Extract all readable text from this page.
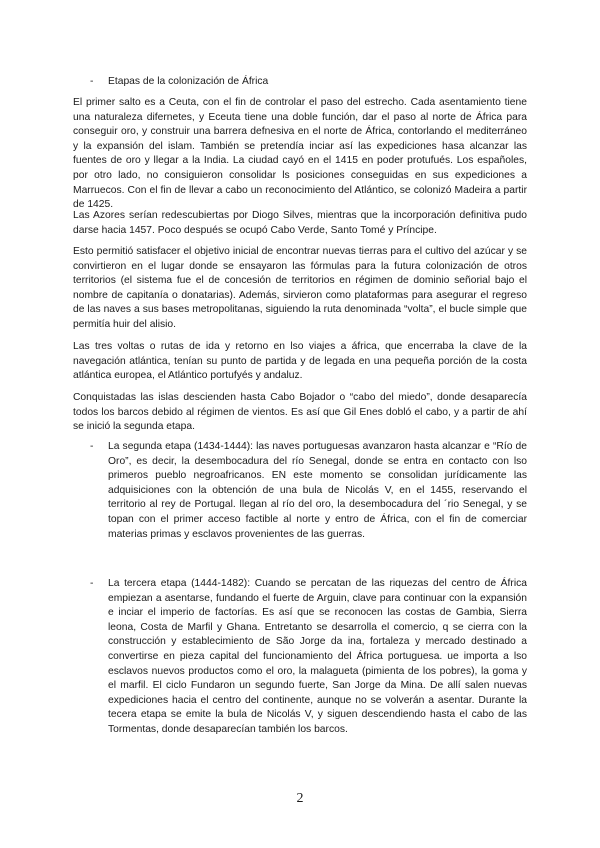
- Etapas de la colonización de África

El primer salto es a Ceuta, con el fin de controlar el paso del estrecho. Cada asentamiento tiene una naturaleza difernetes, y Eceuta tiene una doble función, dar el paso al norte de África para conseguir oro, y construir una barrera defnesiva en el norte de África, contorlando el mediterráneo y la expansión del islam. También se pretendía inciar así las expediciones hasa alcanzar las fuentes de oro y llegar a la India. La ciudad cayó en el 1415 en poder protufués. Los españoles, por otro lado, no consiguieron consolidar ls posiciones conseguidas en sus expediciones a Marruecos. Con el fin de llevar a cabo un reconocimiento del Atlántico, se colonizó Madeira a partir de 1425.

Las Azores serían redescubiertas por Diogo Silves, mientras que la incorporación definitiva pudo darse hacia 1457. Poco después se ocupó Cabo Verde, Santo Tomé y Príncipe.

Esto permitió satisfacer el objetivo inicial de encontrar nuevas tierras para el cultivo del azúcar y se convirtieron en el lugar donde se ensayaron las fórmulas para la futura colonización de otros territorios (el sistema fue el de concesión de territorios en régimen de dominio señorial bajo el nombre de capitanía o donatarias). Además, sirvieron como plataformas para asegurar el regreso de las naves a sus bases metropolitanas, siguiendo la ruta denominada “volta”, el bucle simple que permitía huir del alisio.

Las tres voltas o rutas de ida y retorno en lso viajes a áfrica, que encerraba la clave de la navegación atlántica, tenían su punto de partida y de legada en una pequeña porción de la costa atlántica europea, el Atlántico portufyés y andaluz.

Conquistadas las islas descienden hasta Cabo Bojador o “cabo del miedo”, donde desaparecía todos los barcos debido al régimen de vientos. Es así que Gil Enes dobló el cabo, y a partir de ahí se inició la segunda etapa.

- La segunda etapa (1434-1444): las naves portuguesas avanzaron hasta alcanzar e “Río de Oro”, es decir, la desembocadura del río Senegal, donde se entra en contacto con lso primeros pueblo negroafricanos. EN este momento se consolidan jurídicamente las adquisiciones con la obtención de una bula de Nicolás V, en el 1455, reservando el territorio al rey de Portugal. llegan al río del oro, la desembocadura del ´rio Senegal, y se topan con el primer acceso factible al norte y entro de África, con el fin de comerciar materias primas y esclavos provenientes de las guerras.

- La tercera etapa (1444-1482): Cuando se percatan de las riquezas del centro de África empiezan a asentarse, fundando el fuerte de Arguin, clave para continuar con la expansión e inciar el imperio de factorías. Es así que se reconocen las costas de Gambia, Sierra leona, Costa de Marfil y Ghana. Entretanto se desarrolla el comercio, q se cierra con la construcción y establecimiento de São Jorge da ina, fortaleza y mercado destinado a convertirse en pieza capital del funcionamiento del África portuguesa. ue importa a lso esclavos nuevos productos como el oro, la malagueta (pimienta de los pobres), la goma y el marfil. El ciclo Fundaron un segundo fuerte, San Jorge da Mina. De allí salen nuevas expediciones hacia el centro del continente, aunque no se volverán a asentar. Durante la tecera etapa se emite la bula de Nicolás V, y siguen descendiendo hasta el cabo de las Tormentas, donde desaparecían también los barcos.

2
